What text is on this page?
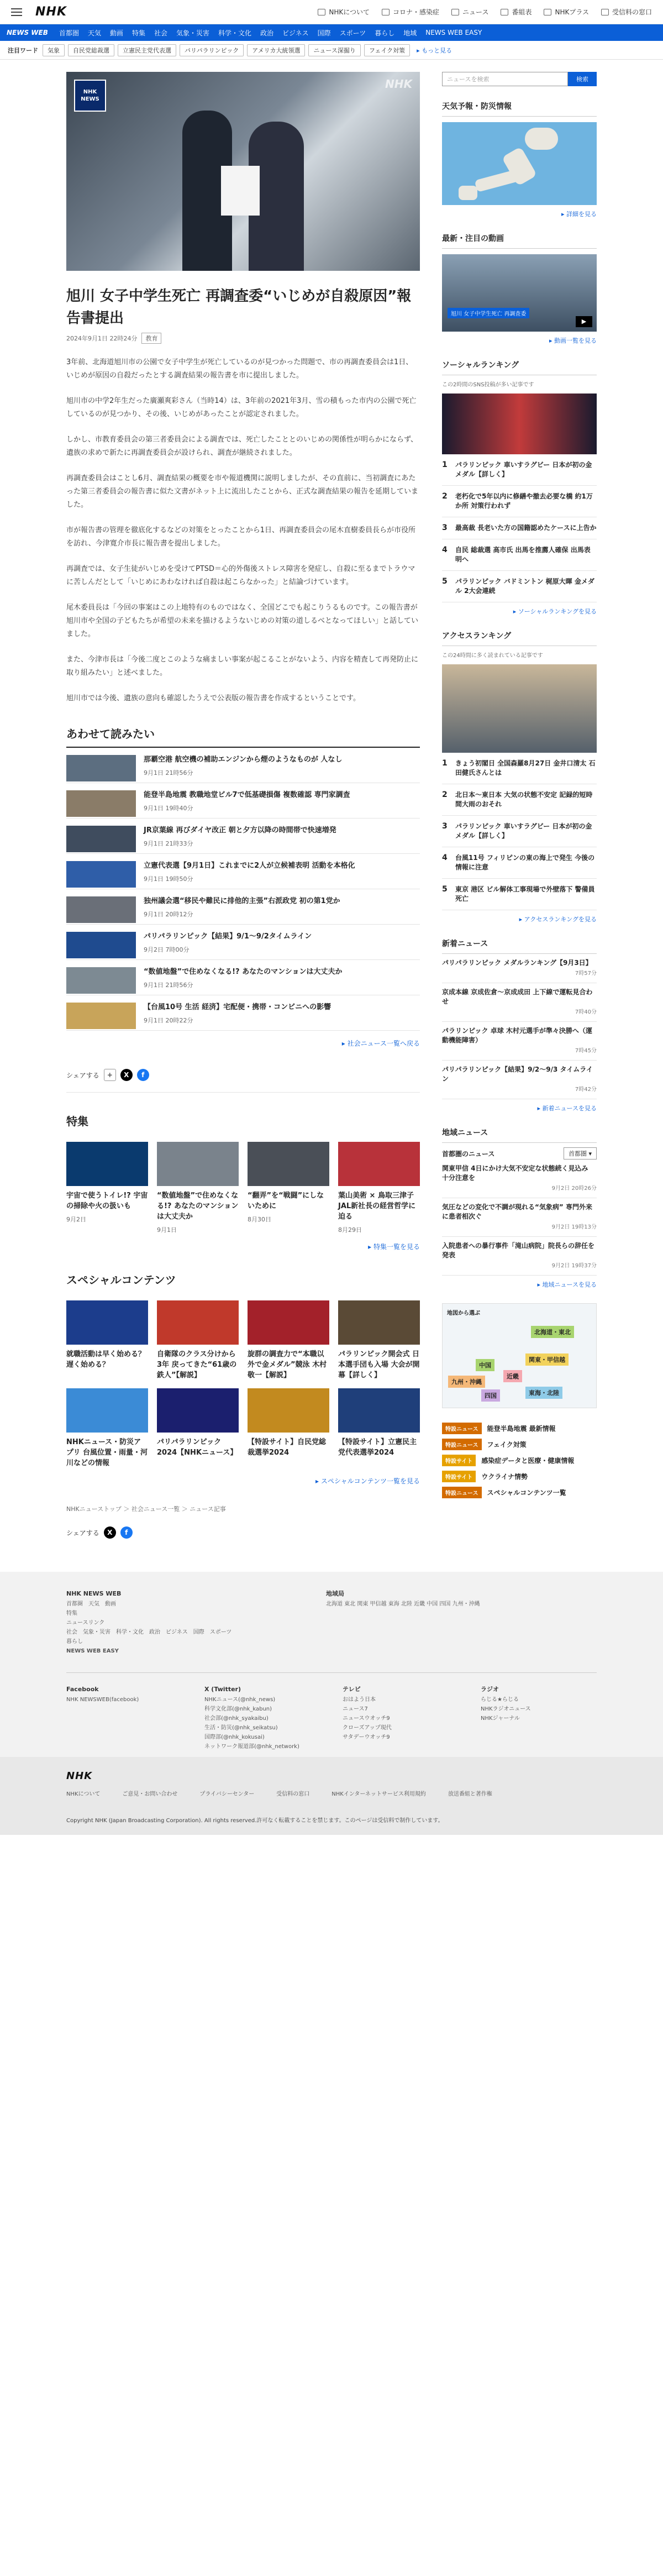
NHK	NHKについて	コロナ・感染症	ニュース	番組表	NHKプラス	受信料の窓口
NEWS WEB 首都圏 天気 動画 特集 社会 気象・災害 科学・文化 政治 ビジネス 国際 スポーツ 暮らし 地域 NEWS WEB EASY
注目ワード	気象	自民党総裁選	立憲民主党代表選	パリパラリンピック	アメリカ大統領選	ニュース深掘り	フェイク対策	▸ もっと見る
NHK
NEWS
NHK
旭川 女子中学生死亡 再調査委“いじめが自殺原因”報告書提出
2024年9月1日 22時24分	教育

3年前、北海道旭川市の公園で女子中学生が死亡しているのが見つかった問題で、市の再調査委員会は1日、いじめが原因の自殺だったとする調査結果の報告書を市に提出しました。

旭川市の中学2年生だった廣瀬爽彩さん（当時14）は、3年前の2021年3月、雪の積もった市内の公園で死亡しているのが見つかり、その後、いじめがあったことが認定されました。

しかし、市教育委員会の第三者委員会による調査では、死亡したこととのいじめの関係性が明らかにならず、遺族の求めで新たに再調査委員会が設けられ、調査が継続されました。

再調査委員会はことし6月、調査結果の概要を市や報道機関に説明しましたが、その直前に、当初調査にあたった第三者委員会の報告書に似た文書がネット上に流出したことから、正式な調査結果の報告を延期していました。

市が報告書の管理を徹底化するなどの対策をとったことから1日、再調査委員会の尾木直樹委員長らが市役所を訪れ、今津寛介市長に報告書を提出しました。

再調査では、女子生徒がいじめを受けてPTSD＝心的外傷後ストレス障害を発症し、自殺に至るまでトラウマに苦しんだとして「いじめにあわなければ自殺は起こらなかった」と結論づけています。

尾木委員長は「今回の事案はこの上地特有のものではなく、全国どこでも起こりうるものです。この報告書が旭川市や全国の子どもたちが希望の未来を描けるようないじめの対策の道しるべとなってほしい」と話していました。

また、今津市長は「今後二度とこのような痛ましい事案が起こることがないよう、内容を精査して再発防止に取り組みたい」と述べました。

旭川市では今後、遺族の意向も確認したうえで公表版の報告書を作成するということです。

あわせて読みたい
那覇空港 航空機の補助エンジンから煙のようなものが 人なし
9月1日 21時56分
能登半島地震 教職地堂ビル7で低基礎損傷 複数確認 専門家調査
9月1日 19時40分
JR京葉線 再びダイヤ改正 朝と夕方以降の時間帯で快速増発
9月1日 21時33分
立憲代表選【9月1日】これまでに2人が立候補表明 活動を本格化
9月1日 19時50分
独州議会選“移民や難民に排他的主張”右派政党 初の第1党か
9月1日 20時12分
パリパラリンピック【結果】9/1〜9/2タイムライン
9月2日 7時00分
“数値地盤”で住めなくなる!? あなたのマンションは大丈夫か
9月1日 21時56分
【台風10号 生活 経済】宅配便・携帯・コンビニへの影響
9月1日 20時22分
▸ 社会ニュース一覧へ戻る
シェアする	+	X	f
特集
宇宙で使うトイレ!? 宇宙の掃除や火の扱いも
9月2日
“数値地盤”で住めなくなる!? あなたのマンションは大丈夫か
9月1日
“翻弄”を“戦闘”にしないために
8月30日
葉山美術 × 鳥取三津子 JAL新社長の経営哲学に迫る
8月29日
▸ 特集一覧を見る
スペシャルコンテンツ
就職活動は早く始める？遅く始める？
自衛隊のクラス分けから3年 戻ってきた“61歳の鉄人”【解説】
旋群の調査力で“本職以外で金メダル”競泳 木村敬一【解説】
パラリンピック開会式 日本選手団も入場 大会が開幕【詳しく】
NHKニュース・防災アプリ 台風位置・雨量・河川などの情報
パリパラリンピック2024【NHKニュース】
【特設サイト】自民党総裁選挙2024
【特設サイト】立憲民主党代表選挙2024
▸ スペシャルコンテンツ一覧を見る
NHKニューストップ ＞ 社会ニュース一覧 ＞ ニュース記事
シェアする	X	f
ニュースを検索	検索
天気予報・防災情報
▸ 詳細を見る
最新・注目の動画
旭川 女子中学生死亡 再調査委
▶
▸ 動画一覧を見る
ソーシャルランキング
この2時間のSNS投稿が多い記事です
1	パラリンピック 車いすラグビー 日本が初の金メダル【詳しく】
2	老朽化で5年以内に修繕や撤去必要な橋 約1万か所 対策行われず
3	最高裁 長老いた方の国籍認めたケースに上告か
4	自民 総裁選 高市氏 出馬を推薦人確保 出馬表明へ
5	パラリンピック バドミントン 梶原大暉 金メダル 2大会連続
▸ ソーシャルランキングを見る
アクセスランキング
この24時間に多く読まれている記事です
1	きょう初閣日 全国森羅8月27日 金井口清太 石田健氏さんとは
2	北日本〜東日本 大気の状態不安定 記録的短時間大雨のおそれ
3	パラリンピック 車いすラグビー 日本が初の金メダル【詳しく】
4	台風11号 フィリピンの東の海上で発生 今後の情報に注意
5	東京 港区 ビル解体工事現場で外壁落下 警備員死亡
▸ アクセスランキングを見る
新着ニュース
パリパラリンピック メダルランキング【9月3日】
7時57分
京成本線 京成佐倉〜京成成田 上下線で運転見合わせ
7時40分
パラリンピック 卓球 木村元選手が準々決勝へ（運動機能障害）
7時45分
パリパラリンピック【結果】9/2〜9/3 タイムライン
7時42分
▸ 新着ニュースを見る
地域ニュース
首都圏のニュース	首都圏 ▾
関東甲信 4日にかけ大気不安定な状態続く見込み 十分注意を
9月2日 20時26分
気圧などの変化で不調が現れる“気象病” 専門外来に患者相次ぐ
9月2日 19時13分
入院患者への暴行事件「滝山病院」院長らの辞任を発表
9月2日 19時37分
▸ 地域ニュースを見る
地図から選ぶ
北海道・東北
関東・甲信越
中国
近畿
東海・北陸
九州・沖縄
四国
特設ニュース	能登半島地震 最新情報
特設ニュース	フェイク対策
特設サイト	感染症データと医療・健康情報
特設サイト	ウクライナ情勢
特設ニュース	スペシャルコンテンツ一覧
NHK NEWS WEB
首都圏　 天気　 動画
特集
ニュースリンク
社会　 気象・災害　 科学・文化　 政治　 ビジネス　 国際　 スポーツ
暮らし
NEWS WEB EASY
地域局
北海道 東北 関東 甲信越 東海 北陸 近畿 中国 四国 九州・沖縄
Facebook
NHK NEWSWEB(facebook)
X (Twitter)
NHKニュース(@nhk_news)
科学文化部(@nhk_kabun)
社会部(@nhk_syakaibu)
生活・防災(@nhk_seikatsu)
国際部(@nhk_kokusai)
ネットワーク報道部(@nhk_network)
テレビ
おはよう日本
ニュース7
ニュースウオッチ9
クローズアップ現代
サタデーウオッチ9
ラジオ
らじる★らじる
NHKラジオニュース
NHKジャーナル
NHK
NHKについて	ご意見・お問い合わせ	プライバシーセンター	受信料の窓口	NHKインターネットサービス利用規約	放送番組と著作権
Copyright NHK (Japan Broadcasting Corporation). All rights reserved.許可なく転載することを禁じます。このページは受信料で制作しています。
